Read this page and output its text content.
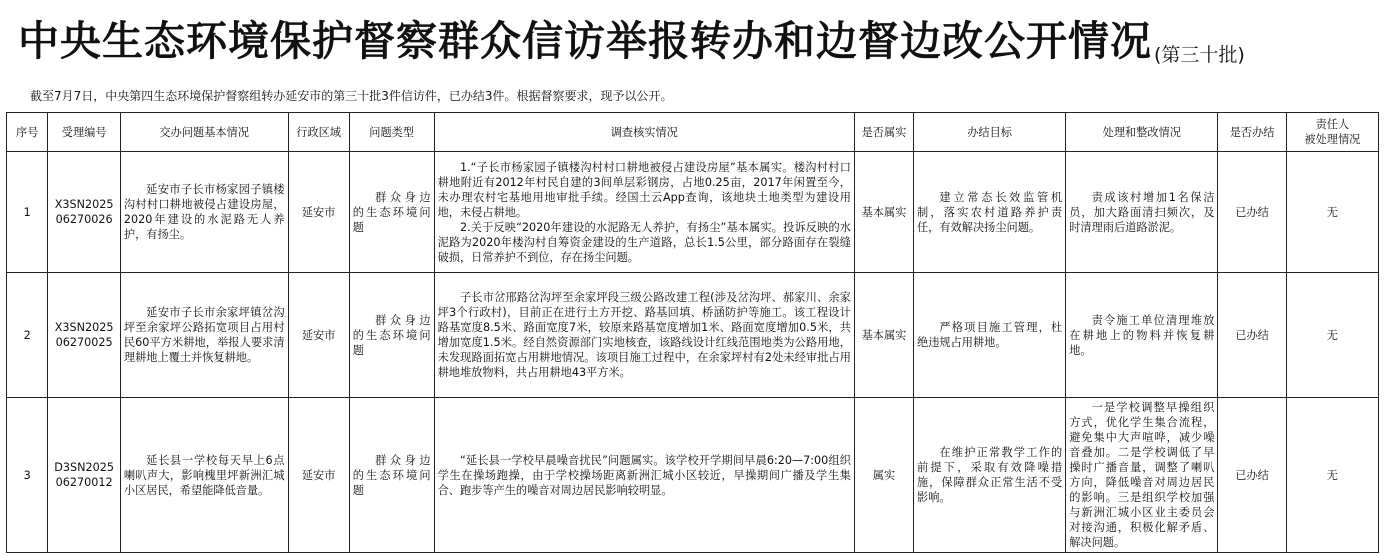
中央生态环境保护督察群众信访举报转办和边督边改公开情况 (第三十批)
截至7月7日，中央第四生态环境保护督察组转办延安市的第三十批3件信访件，已办结3件。根据督察要求，现予以公开。
序号	受理编号	交办问题基本情况	行政区域	问题类型	调查核实情况	是否属实	办结目标	处理和整改情况	是否办结	责任人
被处理情况

1	X3SN2025 06270026	延安市子长市杨家园子镇楼沟村村口耕地被侵占建设房屋，2020年建设的水泥路无人养护，有扬尘。	延安市	群众身边的生态环境问题	1.“子长市杨家园子镇楼沟村村口耕地被侵占建设房屋”基本属实。楼沟村村口耕地附近有2012年村民自建的3间单层彩钢房，占地0.25亩，2017年闲置至今，未办理农村宅基地用地审批手续。经国土云App查询，该地块土地类型为建设用地，未侵占耕地。
2.关于反映“2020年建设的水泥路无人养护，有扬尘”基本属实。投诉反映的水泥路为2020年楼沟村自筹资金建设的生产道路，总长1.5公里，部分路面存在裂缝破损，日常养护不到位，存在扬尘问题。	基本属实	建立常态长效监管机制，落实农村道路养护责任，有效解决扬尘问题。	责成该村增加1名保洁员，加大路面清扫频次，及时清理雨后道路淤泥。	已办结	无
2	X3SN2025 06270025	延安市子长市余家坪镇岔沟坪至余家坪公路拓宽项目占用村民60平方米耕地，举报人要求清理耕地上覆土并恢复耕地。	延安市	群众身边的生态环境问题	子长市岔邢路岔沟坪至余家坪段三级公路改建工程(涉及岔沟坪、郝家川、余家坪3个行政村)，目前正在进行土方开挖、路基回填、桥涵防护等施工。该工程设计路基宽度8.5米、路面宽度7米，较原来路基宽度增加1米、路面宽度增加0.5米，共增加宽度1.5米。经自然资源部门实地核查，该路线设计红线范围地类为公路用地，未发现路面拓宽占用耕地情况。该项目施工过程中，在余家坪村有2处未经审批占用耕地堆放物料，共占用耕地43平方米。	基本属实	严格项目施工管理，杜绝违规占用耕地。	责令施工单位清理堆放在耕地上的物料并恢复耕地。	已办结	无
3	D3SN2025 06270012	延长县一学校每天早上6点喇叭声大，影响槐里坪新洲汇城小区居民，希望能降低音量。	延安市	群众身边的生态环境问题	“延长县一学校早晨噪音扰民”问题属实。该学校开学期间早晨6:20—7:00组织学生在操场跑操，由于学校操场距离新洲汇城小区较近，早操期间广播及学生集合、跑步等产生的噪音对周边居民影响较明显。	属实	在维护正常教学工作的前提下，采取有效降噪措施，保障群众正常生活不受影响。	一是学校调整早操组织方式，优化学生集合流程，避免集中大声喧哗，减少噪音叠加。二是学校调低了早操时广播音量，调整了喇叭方向，降低噪音对周边居民的影响。三是组织学校加强与新洲汇城小区业主委员会对接沟通，积极化解矛盾、解决问题。	已办结	无
